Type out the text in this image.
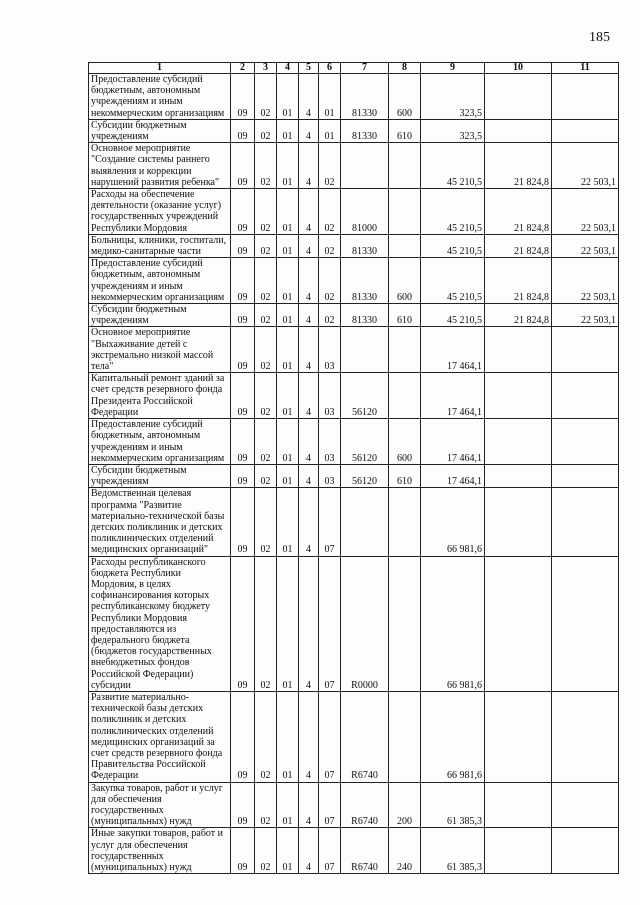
185
1	2	3	4	5	6	7	8	9	10	11
Предоставление субсидий бюджетным, автономным учреждениям и иным некоммерческим организациям	09	02	01	4	01	81330	600	323,5		
Субсидии бюджетным учреждениям	09	02	01	4	01	81330	610	323,5		
Основное мероприятие "Создание системы раннего выявления и коррекции нарушений развития ребенка"	09	02	01	4	02			45 210,5	21 824,8	22 503,1
Расходы на обеспечение деятельности (оказание услуг) государственных учреждений Республики Мордовия	09	02	01	4	02	81000		45 210,5	21 824,8	22 503,1
Больницы, клиники, госпитали, медико-санитарные части	09	02	01	4	02	81330		45 210,5	21 824,8	22 503,1
Предоставление субсидий бюджетным, автономным учреждениям и иным некоммерческим организациям	09	02	01	4	02	81330	600	45 210,5	21 824,8	22 503,1
Субсидии бюджетным учреждениям	09	02	01	4	02	81330	610	45 210,5	21 824,8	22 503,1
Основное мероприятие "Выхаживание детей с экстремально низкой массой тела"	09	02	01	4	03			17 464,1		
Капитальный ремонт зданий за счет средств резервного фонда Президента Российской Федерации	09	02	01	4	03	56120		17 464,1		
Предоставление субсидий бюджетным, автономным учреждениям и иным некоммерческим организациям	09	02	01	4	03	56120	600	17 464,1		
Субсидии бюджетным учреждениям	09	02	01	4	03	56120	610	17 464,1		
Ведомственная целевая программа "Развитие материально-технической базы детских поликлиник и детских поликлинических отделений медицинских организаций"	09	02	01	4	07			66 981,6		
Расходы республиканского бюджета Республики Мордовия, в целях софинансирования которых республиканскому бюджету Республики Мордовия предоставляются из федерального бюджета (бюджетов государственных внебюджетных фондов Российской Федерации) субсидии	09	02	01	4	07	R0000		66 981,6		
Развитие материально-технической базы детских поликлиник и детских поликлинических отделений медицинских организаций за счет средств резервного фонда Правительства Российской Федерации	09	02	01	4	07	R6740		66 981,6		
Закупка товаров, работ и услуг для обеспечения государственных (муниципальных) нужд	09	02	01	4	07	R6740	200	61 385,3		
Иные закупки товаров, работ и услуг для обеспечения государственных (муниципальных) нужд	09	02	01	4	07	R6740	240	61 385,3		
